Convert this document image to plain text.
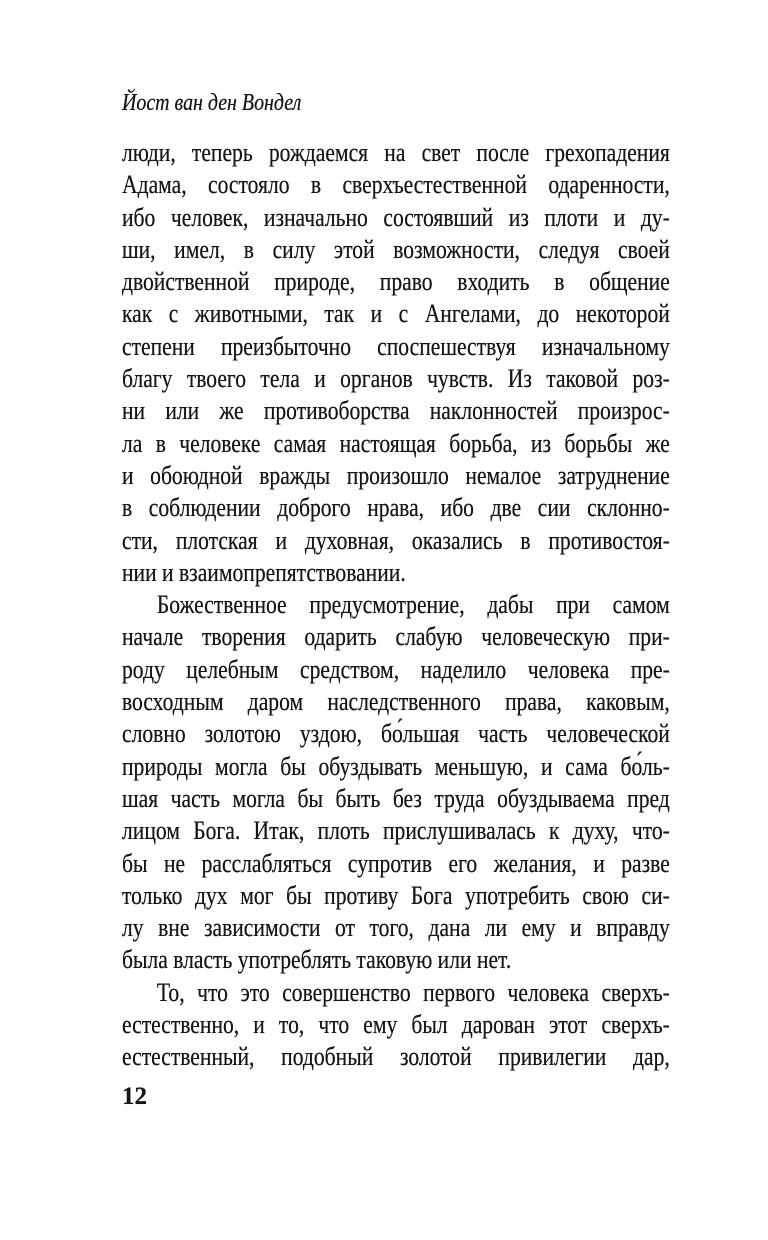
Йост ван ден Вондел
люди, теперь рождаемся на свет после грехопадения
Адама, состояло в сверхъестественной одаренности,
ибо человек, изначально состоявший из плоти и ду-
ши, имел, в силу этой возможности, следуя своей
двойственной природе, право входить в общение
как с животными, так и с Ангелами, до некоторой
степени преизбыточно споспешествуя изначальному
благу твоего тела и органов чувств. Из таковой роз-
ни или же противоборства наклонностей произрос-
ла в человеке самая настоящая борьба, из борьбы же
и обоюдной вражды произошло немалое затруднение
в соблюдении доброго нрава, ибо две сии склонно-
сти, плотская и духовная, оказались в противостоя-
нии и взаимопрепятствовании.
Божественное предусмотрение, дабы при самом
начале творения одарить слабую человеческую при-
роду целебным средством, наделило человека пре-
восходным даром наследственного права, каковым,
словно золотою уздою, бо́льшая часть человеческой
природы могла бы обуздывать меньшую, и сама бо́ль-
шая часть могла бы быть без труда обуздываема пред
лицом Бога. Итак, плоть прислушивалась к духу, что-
бы не расслабляться супротив его желания, и разве
только дух мог бы противу Бога употребить свою си-
лу вне зависимости от того, дана ли ему и вправду
была власть употреблять таковую или нет.
То, что это совершенство первого человека сверхъ-
естественно, и то, что ему был дарован этот сверхъ-
естественный, подобный золотой привилегии дар,
12
